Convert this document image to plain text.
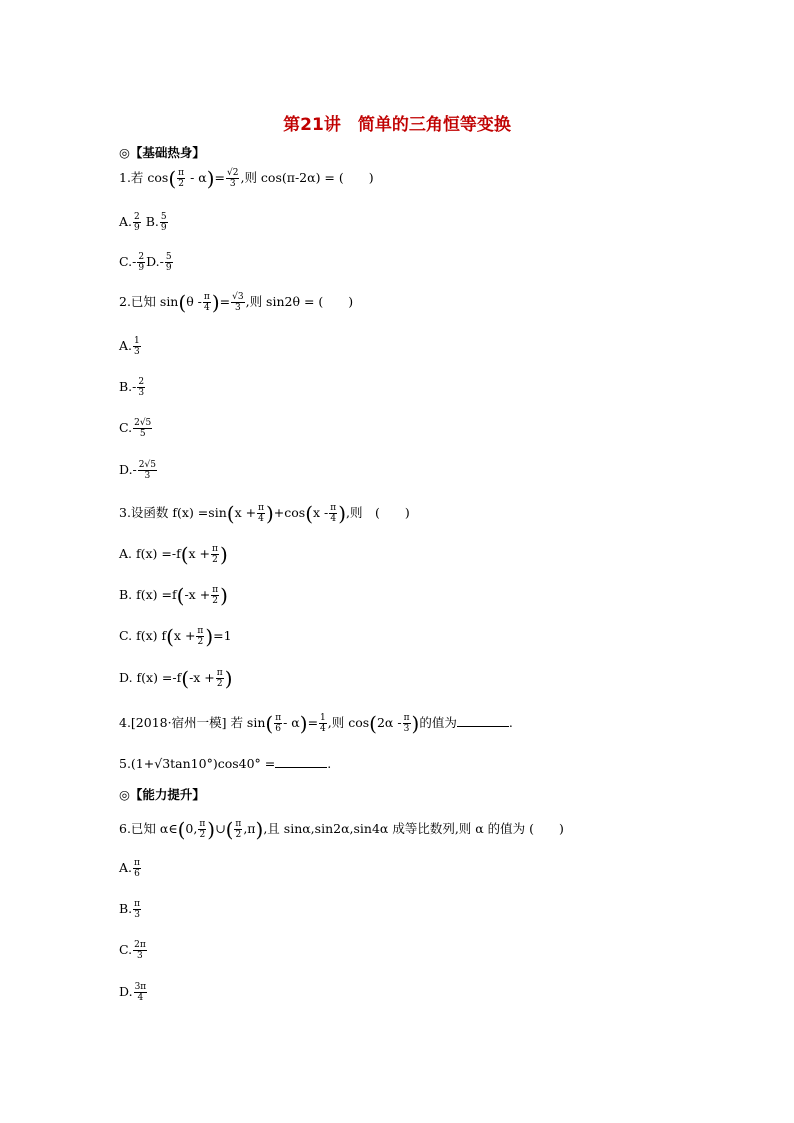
第21讲　简单的三角恒等变换
◎【基础热身】
1.若 $\cos( \frac{\pi}{2} - \alpha)= \frac{√2}{3}$ ,则 cos(π-2α) = (　　)
A. $\frac{2}{9} B$. $\frac{5}{9}$
$C.- \frac{2}{9} D.- \frac{5}{9}$
2.已知 $\sin(\theta - \frac{\pi}{4}$ )= $\frac{√3}{3}$ ,则 sin2θ = (　　)
A. $\frac{1}{3}$
$B.- \frac{2}{3}$
C. $\frac{2√5}{5}$
$D.- \frac{2√5}{3}$
3.设函数 $f(x) =\sin(x + \frac{\pi}{4} )+\cos(x - \frac{\pi}{4}$ ),则　(　　)
A. $f(x) =-f(x + \frac{\pi}{2}$ )
B. $f(x) =f(-x + \frac{\pi}{2}$ )
C. f(x) $f(x + \frac{\pi}{2} )=1$
D. $f(x) =-f(-x + \frac{\pi}{2}$ )
4.[2018·宿州一模] 若 $\sin( \frac{\pi}{6} - \alpha)= \frac{1}{4}$ ,则 $\cos(2\alpha - \frac{\pi}{3}$ )的值为	.
5.(1+√3tan10°)cos40° =	.
◎【能力提升】
6.已知 α∈(0, $\frac{\pi}{2}$ )∪( $\frac{\pi}{2} ,\pi$),且 sinα,sin2α,sin4α 成等比数列,则 α 的值为 (　　)
A. $\frac{\pi}{6}$
B. $\frac{\pi}{3}$
C. $\frac{2\pi}{3}$
D. $\frac{3\pi}{4}$
